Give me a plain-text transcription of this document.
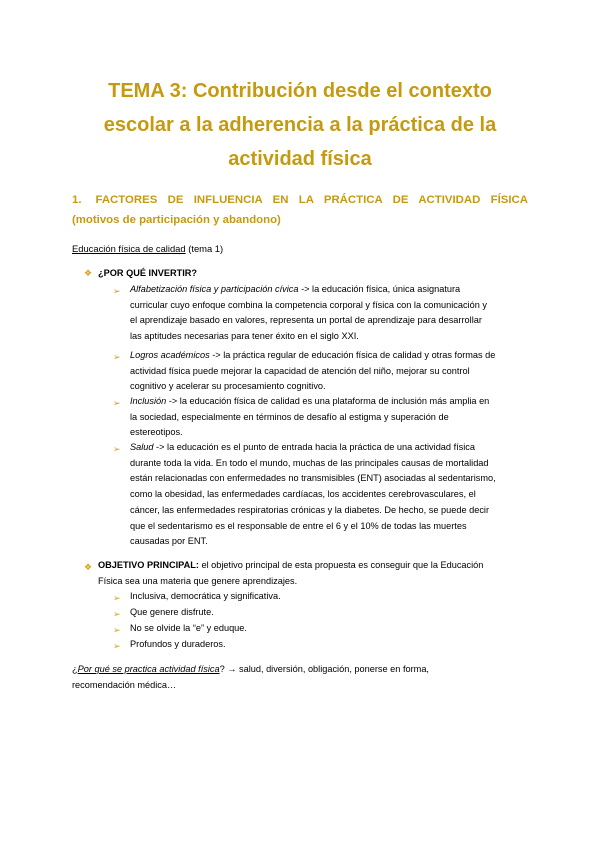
TEMA 3: Contribución desde el contexto
escolar a la adherencia a la práctica de la
actividad física
1. FACTORES DE INFLUENCIA EN LA PRÁCTICA DE ACTIVIDAD FÍSICA
(motivos de participación y abandono)
Educación física de calidad (tema 1)
❖ ¿POR QUÉ INVERTIR?
➢ Alfabetización física y participación cívica -> la educación física, única asignatura
curricular cuyo enfoque combina la competencia corporal y física con la comunicación y
el aprendizaje basado en valores, representa un portal de aprendizaje para desarrollar
las aptitudes necesarias para tener éxito en el siglo XXI.
➢ Logros académicos -> la práctica regular de educación física de calidad y otras formas de
actividad física puede mejorar la capacidad de atención del niño, mejorar su control
cognitivo y acelerar su procesamiento cognitivo.
➢ Inclusión -> la educación física de calidad es una plataforma de inclusión más amplia en
la sociedad, especialmente en términos de desafío al estigma y superación de
estereotipos.
➢ Salud -> la educación es el punto de entrada hacia la práctica de una actividad física
durante toda la vida. En todo el mundo, muchas de las principales causas de mortalidad
están relacionadas con enfermedades no transmisibles (ENT) asociadas al sedentarismo,
como la obesidad, las enfermedades cardíacas, los accidentes cerebrovasculares, el
cáncer, las enfermedades respiratorias crónicas y la diabetes. De hecho, se puede decir
que el sedentarismo es el responsable de entre el 6 y el 10% de todas las muertes
causadas por ENT.
❖ OBJETIVO PRINCIPAL: el objetivo principal de esta propuesta es conseguir que la Educación
Física sea una materia que genere aprendizajes.
➢ Inclusiva, democrática y significativa.
➢ Que genere disfrute.
➢ No se olvide la “e” y eduque.
➢ Profundos y duraderos.
¿Por qué se practica actividad física? → salud, diversión, obligación, ponerse en forma,
recomendación médica…
